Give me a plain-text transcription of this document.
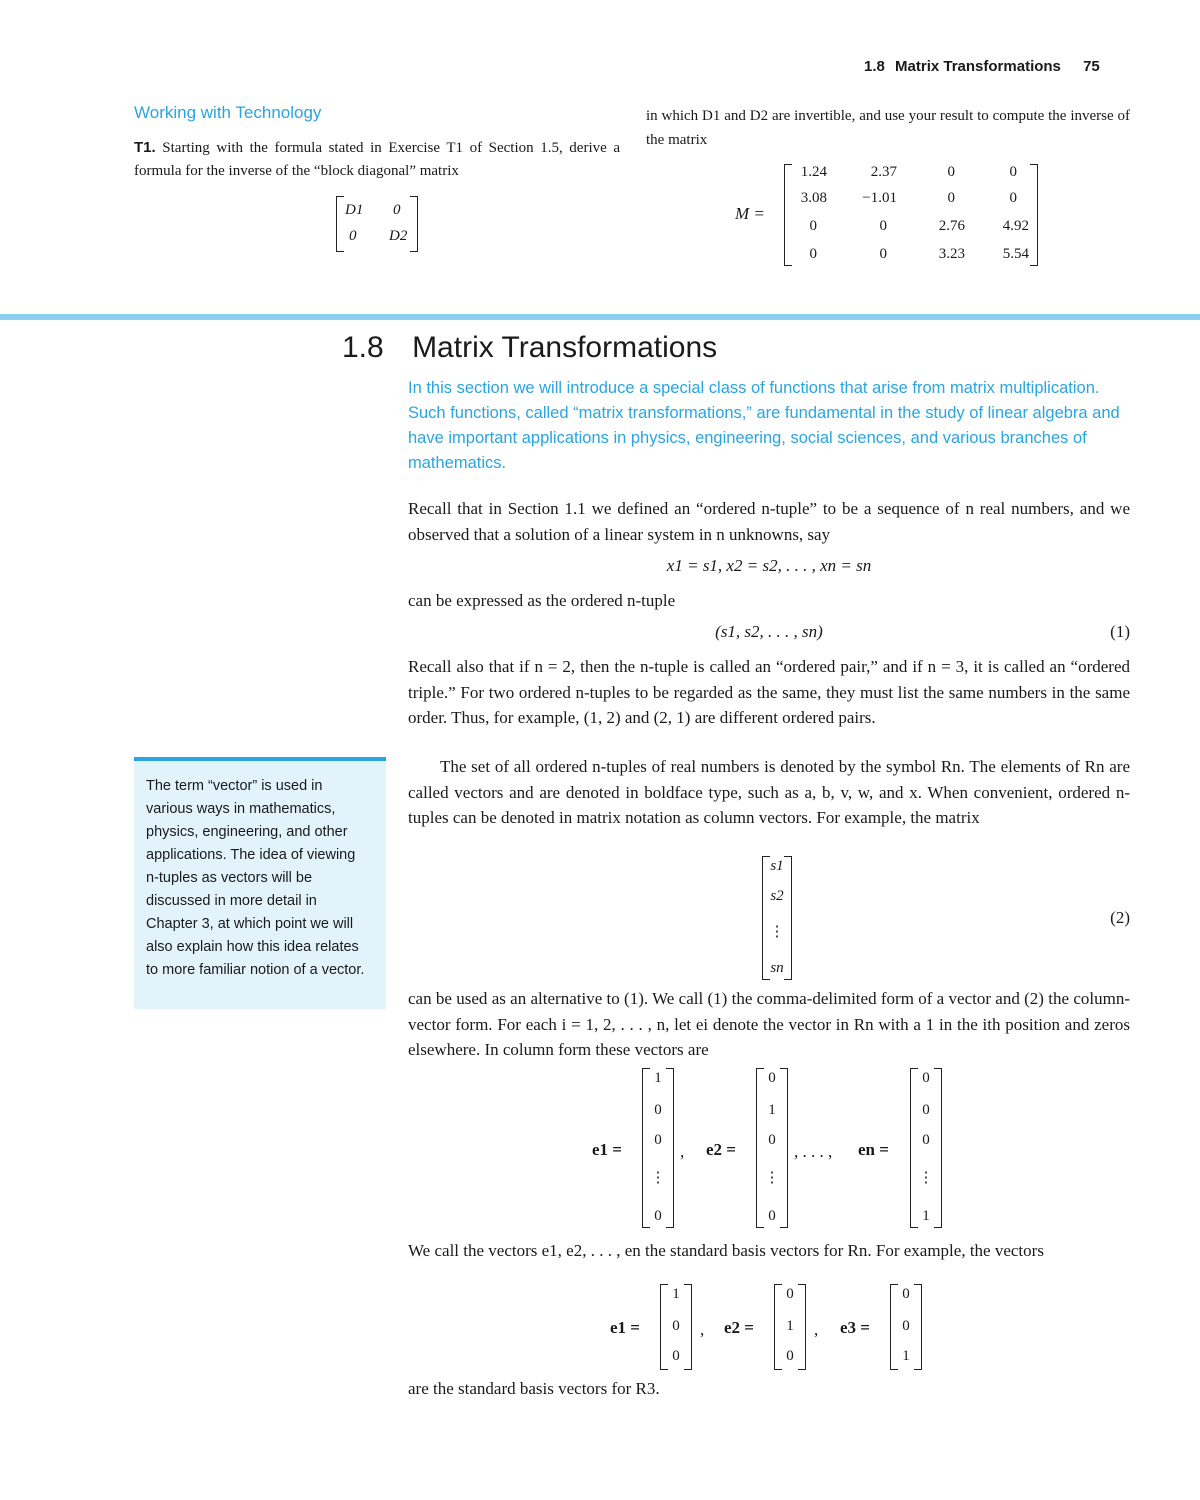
1.8 Matrix Transformations 75
Working with Technology
T1. Starting with the formula stated in Exercise T1 of Section 1.5, derive a formula for the inverse of the “block diagonal” matrix
D1 0
0 D2
in which D1 and D2 are invertible, and use your result to compute the inverse of the matrix
M =
1.24	2.37	0	0
3.08 −1.01	0	0
0	0	2.76	4.92
0	0	3.23	5.54
1.8 Matrix Transformations
In this section we will introduce a special class of functions that arise from matrix multiplication. Such functions, called “matrix transformations,” are fundamental in the study of linear algebra and have important applications in physics, engineering, social sciences, and various branches of mathematics.
Recall that in Section 1.1 we defined an “ordered n-tuple” to be a sequence of n real numbers, and we observed that a solution of a linear system in n unknowns, say
x1 = s1, x2 = s2, . . . , xn = sn
can be expressed as the ordered n-tuple
(s1, s2, . . . , sn)	(1)
Recall also that if n = 2, then the n-tuple is called an “ordered pair,” and if n = 3, it is called an “ordered triple.” For two ordered n-tuples to be regarded as the same, they must list the same numbers in the same order. Thus, for example, (1, 2) and (2, 1) are different ordered pairs.
The set of all ordered n-tuples of real numbers is denoted by the symbol Rn. The elements of Rn are called vectors and are denoted in boldface type, such as a, b, v, w, and x. When convenient, ordered n-tuples can be denoted in matrix notation as column vectors. For example, the matrix
The term “vector” is used in various ways in mathematics, physics, engineering, and other applications. The idea of viewing n-tuples as vectors will be discussed in more detail in Chapter 3, at which point we will also explain how this idea relates to more familiar notion of a vector.
s1
s2
⋮
sn
(2)
can be used as an alternative to (1). We call (1) the comma-delimited form of a vector and (2) the column-vector form. For each i = 1, 2, . . . , n, let ei denote the vector in Rn with a 1 in the ith position and zeros elsewhere. In column form these vectors are
e1 =
1
0
0
⋮
0
, e2 =
0
1
0
⋮
0
, . . . , en =
0
0
0
⋮
1
We call the vectors e1, e2, . . . , en the standard basis vectors for Rn. For example, the vectors
e1 =
1
0
0
, e2 =
0
1
0
, e3 =
0
0
1
are the standard basis vectors for R3.
